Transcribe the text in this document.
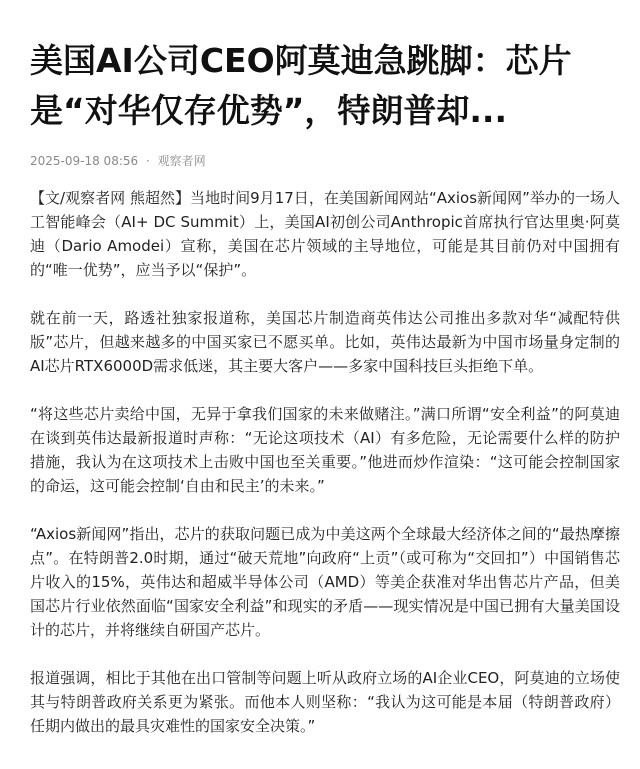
美国AI公司CEO阿莫迪急跳脚：芯片是“对华仅存优势”，特朗普却...
2025-09-18 08:56 · 观察者网

【文/观察者网 熊超然】当地时间9月17日，在美国新闻网站“Axios新闻网”举办的一场人工智能峰会（AI+ DC Summit）上，美国AI初创公司Anthropic首席执行官达里奥·阿莫迪（Dario Amodei）宣称，美国在芯片领域的主导地位，可能是其目前仍对中国拥有的“唯一优势”，应当予以“保护”。

就在前一天，路透社独家报道称，美国芯片制造商英伟达公司推出多款对华“减配特供版”芯片，但越来越多的中国买家已不愿买单。比如，英伟达最新为中国市场量身定制的AI芯片RTX6000D需求低迷，其主要大客户——多家中国科技巨头拒绝下单。

“将这些芯片卖给中国，无异于拿我们国家的未来做赌注。”满口所谓“安全利益”的阿莫迪在谈到英伟达最新报道时声称：“无论这项技术（AI）有多危险，无论需要什么样的防护措施，我认为在这项技术上击败中国也至关重要。”他进而炒作渲染：“这可能会控制国家的命运，这可能会控制‘自由和民主’的未来。”

“Axios新闻网”指出，芯片的获取问题已成为中美这两个全球最大经济体之间的“最热摩擦点”。在特朗普2.0时期，通过“破天荒地”向政府“上贡”（或可称为“交回扣”）中国销售芯片收入的15%，英伟达和超威半导体公司（AMD）等美企获准对华出售芯片产品，但美国芯片行业依然面临“国家安全利益”和现实的矛盾——现实情况是中国已拥有大量美国设计的芯片，并将继续自研国产芯片。

报道强调，相比于其他在出口管制等问题上听从政府立场的AI企业CEO，阿莫迪的立场使其与特朗普政府关系更为紧张。而他本人则坚称：“我认为这可能是本届（特朗普政府）任期内做出的最具灾难性的国家安全决策。”
